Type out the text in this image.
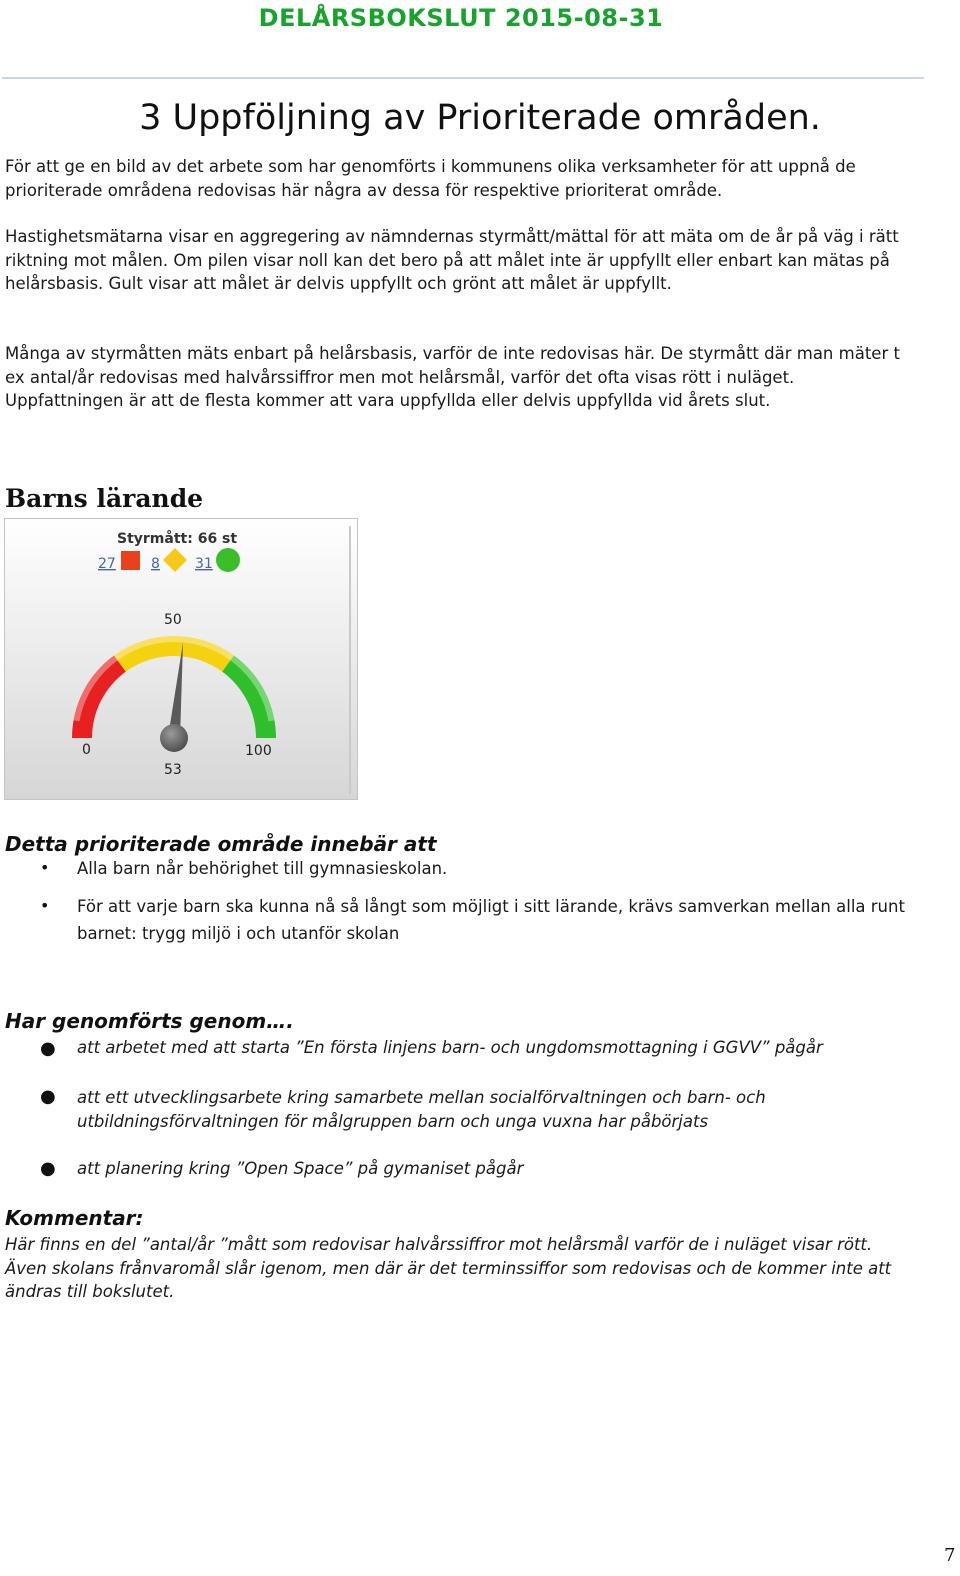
DELÅRSBOKSLUT 2015-08-31
3 Uppföljning av Prioriterade områden.
För att ge en bild av det arbete som har genomförts i kommunens olika verksamheter för att uppnå de prioriterade områdena redovisas här några av dessa för respektive prioriterat område.
Hastighetsmätarna visar en aggregering av nämndernas styrmått/mättal för att mäta om de år på väg i rätt riktning mot målen. Om pilen visar noll kan det bero på att målet inte är uppfyllt eller enbart kan mätas på helårsbasis. Gult visar att målet är delvis uppfyllt och grönt att målet är uppfyllt.
Många av styrmåtten mäts enbart på helårsbasis, varför de inte redovisas här. De styrmått där man mäter t ex antal/år redovisas med halvårssiffror men mot helårsmål, varför det ofta visas rött i nuläget. Uppfattningen är att de flesta kommer att vara uppfyllda eller delvis uppfyllda vid årets slut.
Barns lärande
Styrmått: 66 st
27	8	31
50
0	100
53
Detta prioriterade område innebär att
• Alla barn når behörighet till gymnasieskolan.
• För att varje barn ska kunna nå så långt som möjligt i sitt lärande, krävs samverkan mellan alla runt barnet: trygg miljö i och utanför skolan
Har genomförts genom….
● att arbetet med att starta ”En första linjens barn- och ungdomsmottagning i GGVV” pågår
● att ett utvecklingsarbete kring samarbete mellan socialförvaltningen och barn- och utbildningsförvaltningen för målgruppen barn och unga vuxna har påbörjats
● att planering kring ”Open Space” på gymaniset pågår
Kommentar:
Här finns en del ”antal/år ”mått som redovisar halvårssiffror mot helårsmål varför de i nuläget visar rött. Även skolans frånvaromål slår igenom, men där är det terminssiffor som redovisas och de kommer inte att ändras till bokslutet.
7
